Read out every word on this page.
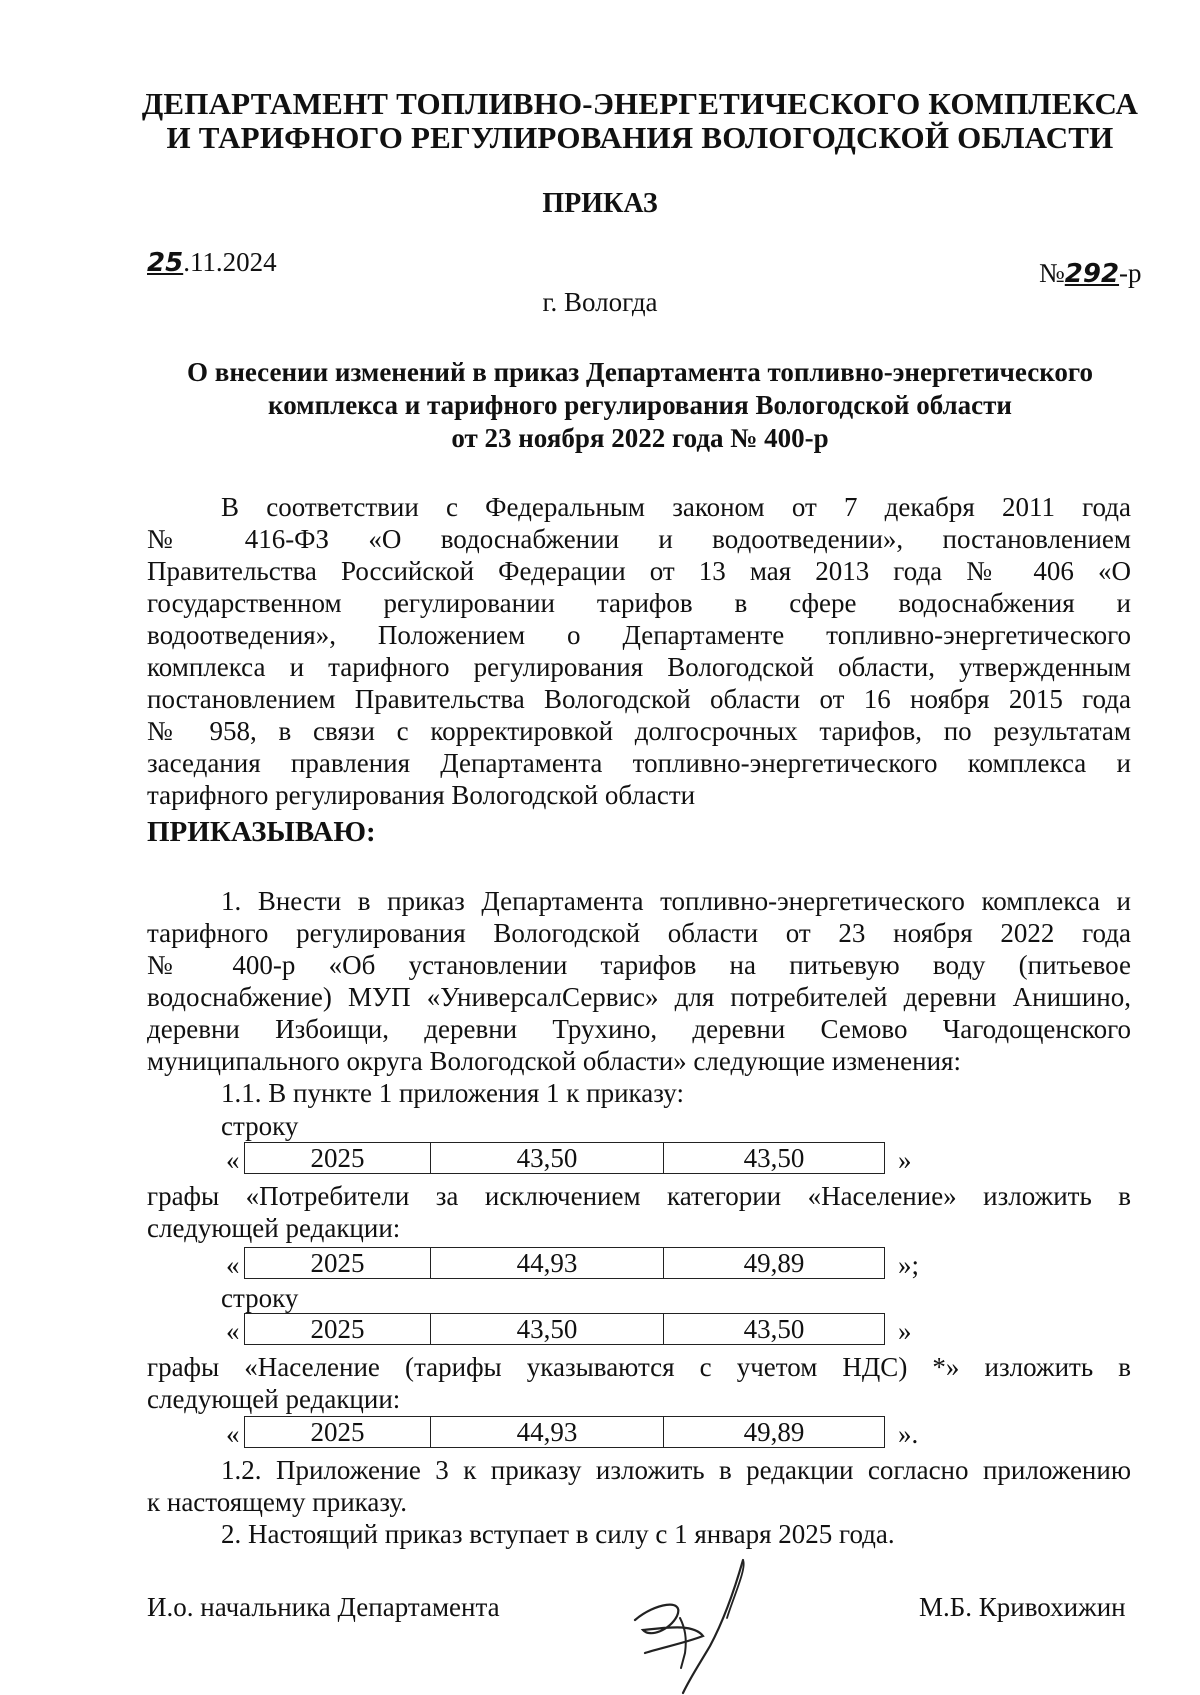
ДЕПАРТАМЕНТ ТОПЛИВНО-ЭНЕРГЕТИЧЕСКОГО КОМПЛЕКСА
И ТАРИФНОГО РЕГУЛИРОВАНИЯ ВОЛОГОДСКОЙ ОБЛАСТИ
ПРИКАЗ
25.11.2024	№292-р
г. Вологда
О внесении изменений в приказ Департамента топливно-энергетического
комплекса и тарифного регулирования Вологодской области
от 23 ноября 2022 года № 400-р
В соответствии с Федеральным законом от 7 декабря 2011 года
№ 416-ФЗ «О водоснабжении и водоотведении», постановлением
Правительства Российской Федерации от 13 мая 2013 года № 406 «О
государственном регулировании тарифов в сфере водоснабжения и
водоотведения», Положением о Департаменте топливно-энергетического
комплекса и тарифного регулирования Вологодской области, утвержденным
постановлением Правительства Вологодской области от 16 ноября 2015 года
№ 958, в связи с корректировкой долгосрочных тарифов, по результатам
заседания правления Департамента топливно-энергетического комплекса и
тарифного регулирования Вологодской области
ПРИКАЗЫВАЮ:
1. Внести в приказ Департамента топливно-энергетического комплекса и
тарифного регулирования Вологодской области от 23 ноября 2022 года
№ 400-р «Об установлении тарифов на питьевую воду (питьевое
водоснабжение) МУП «УниверсалСервис» для потребителей деревни Анишино,
деревни Избоищи, деревни Трухино, деревни Семово Чагодощенского
муниципального округа Вологодской области» следующие изменения:
1.1. В пункте 1 приложения 1 к приказу:
строку
«	2025	43,50	43,50	»
графы «Потребители за исключением категории «Население» изложить в
следующей редакции:
«	2025	44,93	49,89	»;
строку
«	2025	43,50	43,50	»
графы «Население (тарифы указываются с учетом НДС) *» изложить в
следующей редакции:
«	2025	44,93	49,89	».
1.2. Приложение 3 к приказу изложить в редакции согласно приложению
к настоящему приказу.
2. Настоящий приказ вступает в силу с 1 января 2025 года.
И.о. начальника Департамента	М.Б. Кривохижин
